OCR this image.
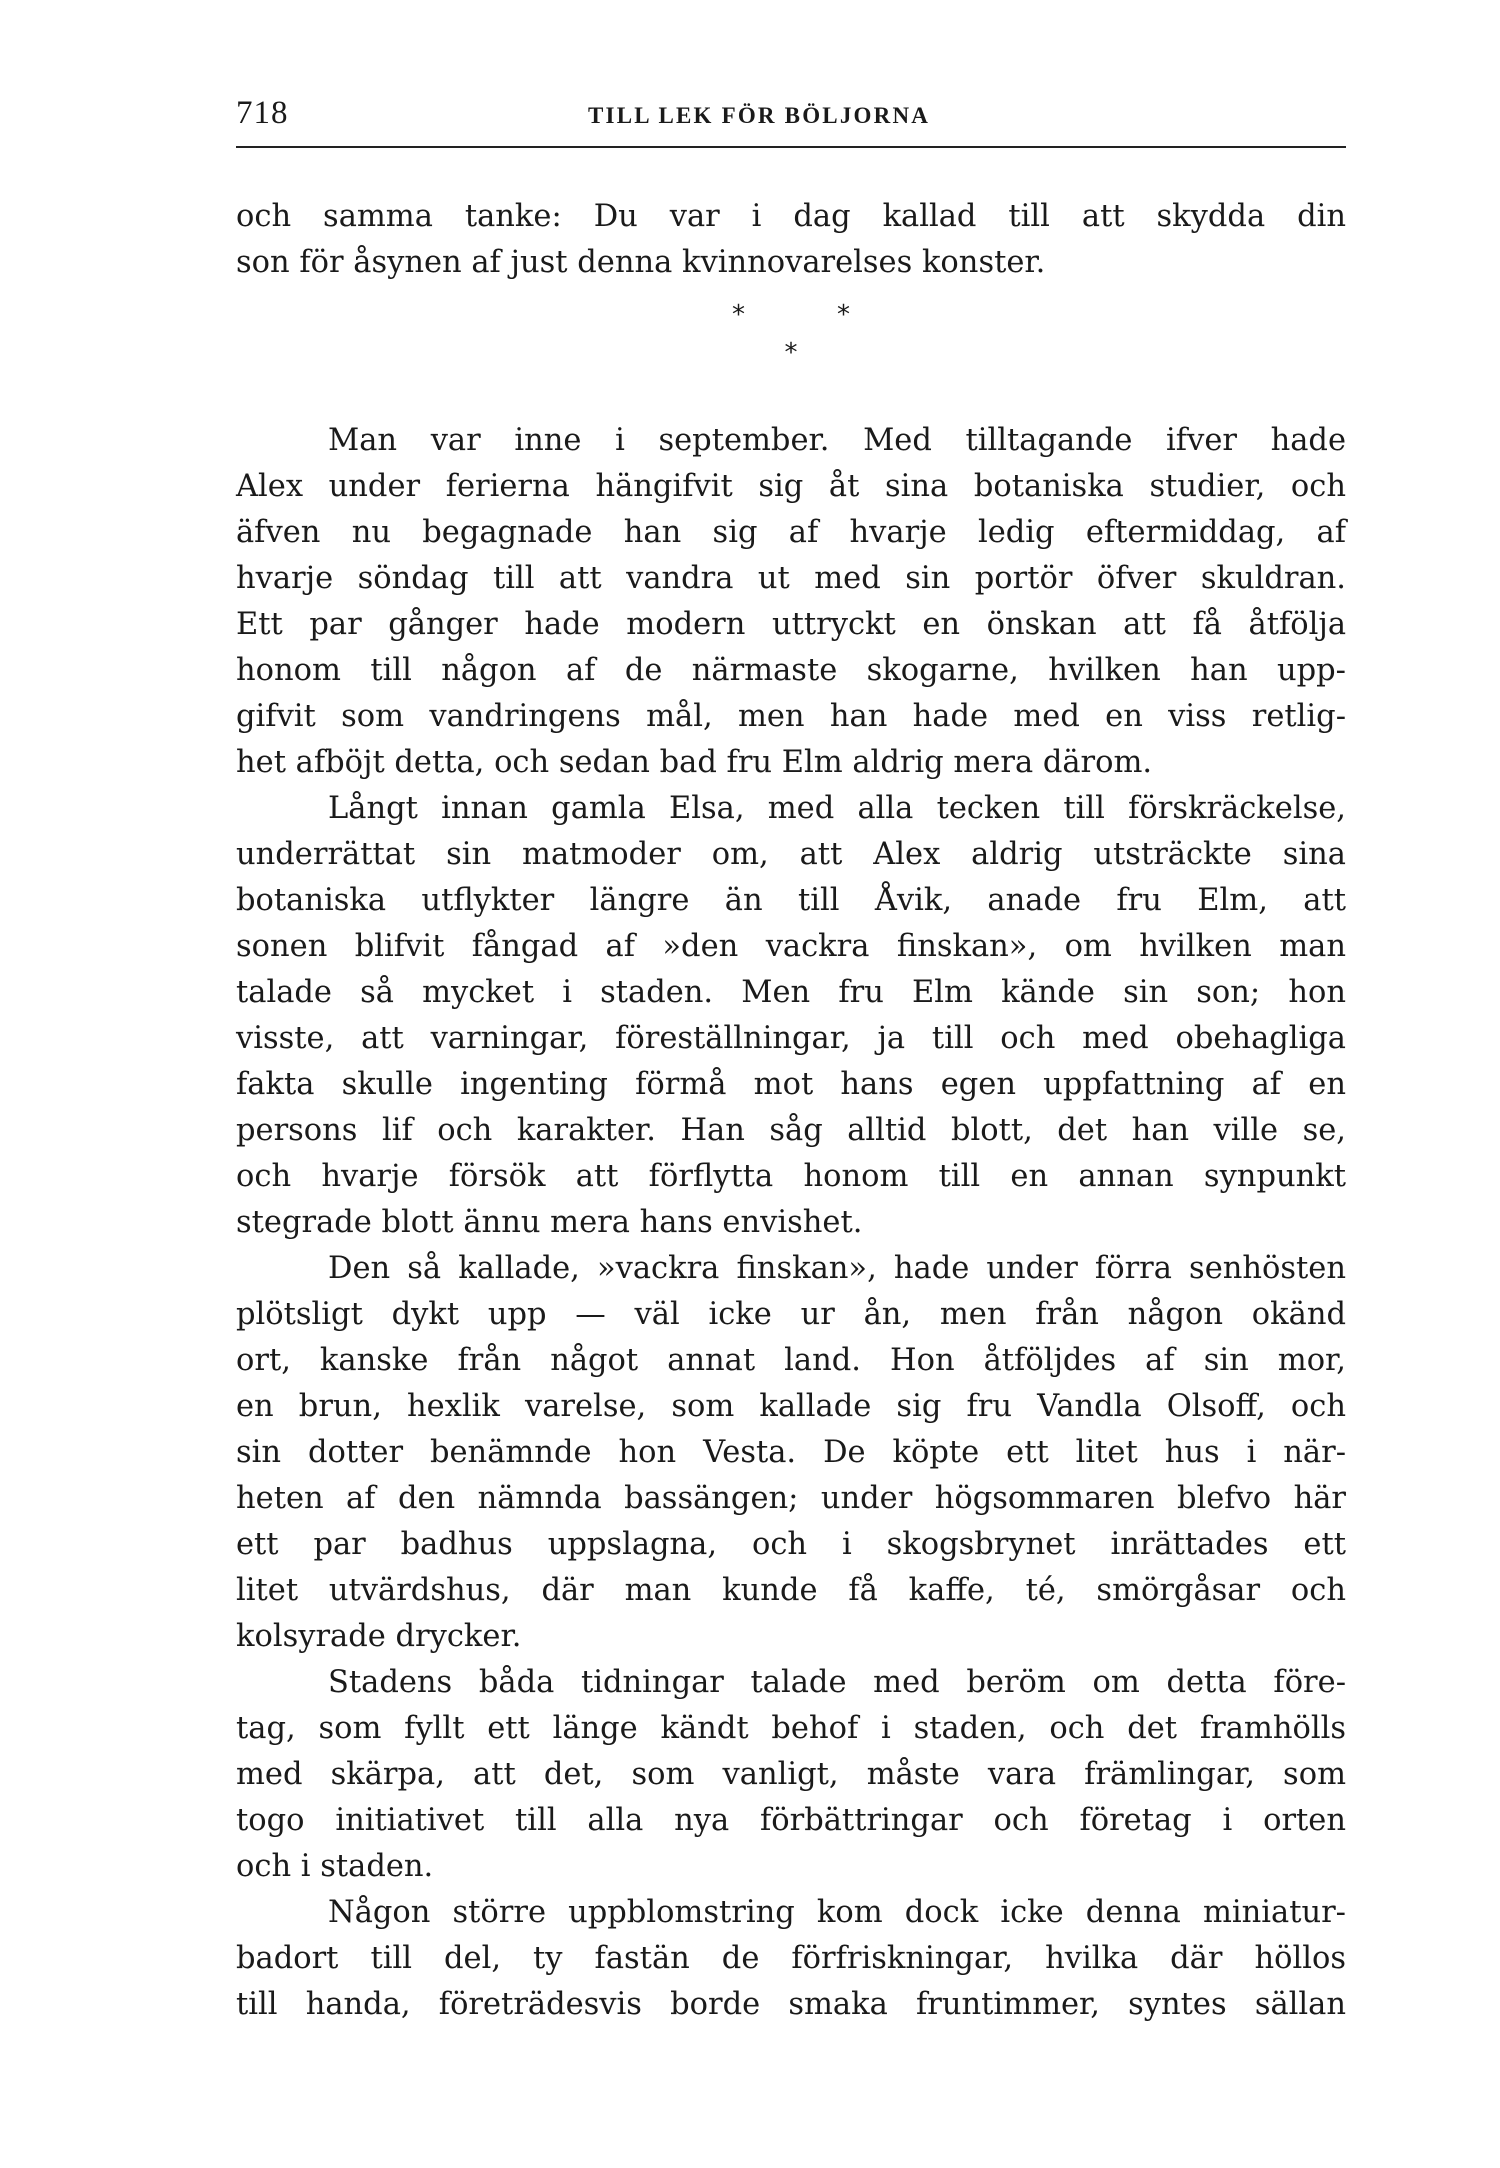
718	TILL LEK FÖR BÖLJORNA
och samma tanke: Du var i dag kallad till att skydda din
son för åsynen af just denna kvinnovarelses konster.
*	*
*
Man var inne i september. Med tilltagande ifver hade
Alex under ferierna hängifvit sig åt sina botaniska studier, och
äfven nu begagnade han sig af hvarje ledig eftermiddag, af
hvarje söndag till att vandra ut med sin portör öfver skuldran.
Ett par gånger hade modern uttryckt en önskan att få åtfölja
honom till någon af de närmaste skogarne, hvilken han upp-
gifvit som vandringens mål, men han hade med en viss retlig-
het afböjt detta, och sedan bad fru Elm aldrig mera därom.
Långt innan gamla Elsa, med alla tecken till förskräckelse,
underrättat sin matmoder om, att Alex aldrig utsträckte sina
botaniska utflykter längre än till Åvik, anade fru Elm, att
sonen blifvit fångad af »den vackra finskan», om hvilken man
talade så mycket i staden. Men fru Elm kände sin son; hon
visste, att varningar, föreställningar, ja till och med obehagliga
fakta skulle ingenting förmå mot hans egen uppfattning af en
persons lif och karakter. Han såg alltid blott, det han ville se,
och hvarje försök att förflytta honom till en annan synpunkt
stegrade blott ännu mera hans envishet.
Den så kallade, »vackra finskan», hade under förra senhösten
plötsligt dykt upp — väl icke ur ån, men från någon okänd
ort, kanske från något annat land. Hon åtföljdes af sin mor,
en brun, hexlik varelse, som kallade sig fru Vandla Olsoff, och
sin dotter benämnde hon Vesta. De köpte ett litet hus i när-
heten af den nämnda bassängen; under högsommaren blefvo här
ett par badhus uppslagna, och i skogsbrynet inrättades ett
litet utvärdshus, där man kunde få kaffe, té, smörgåsar och
kolsyrade drycker.
Stadens båda tidningar talade med beröm om detta före-
tag, som fyllt ett länge kändt behof i staden, och det framhölls
med skärpa, att det, som vanligt, måste vara främlingar, som
togo initiativet till alla nya förbättringar och företag i orten
och i staden.
Någon större uppblomstring kom dock icke denna miniatur-
badort till del, ty fastän de förfriskningar, hvilka där höllos
till handa, företrädesvis borde smaka fruntimmer, syntes sällan
